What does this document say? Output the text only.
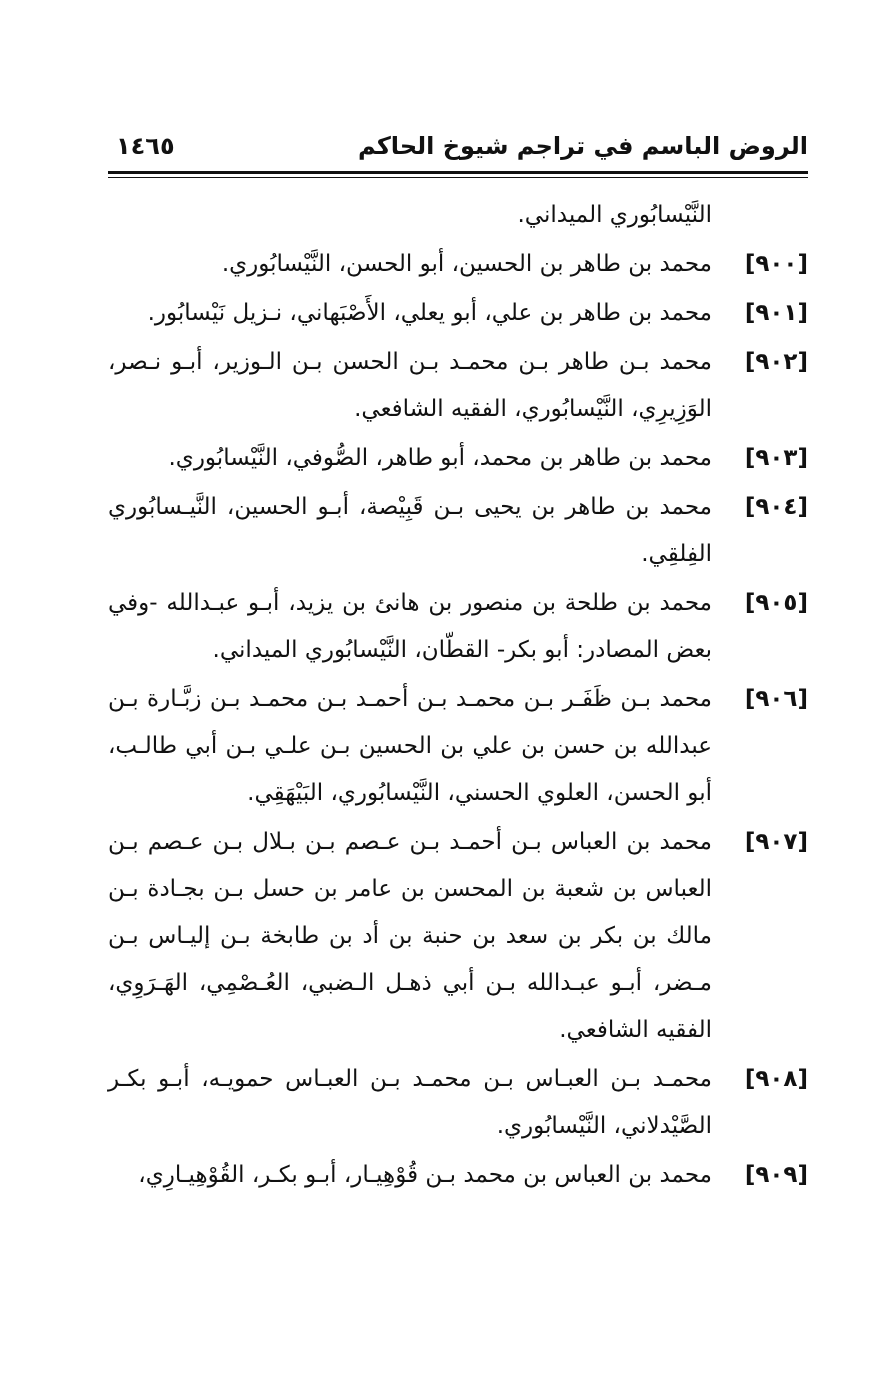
الروض الباسم في تراجم شيوخ الحاكم
١٤٦٥
النَّيْسابُوري الميداني.
[٩٠٠]
محمد بن طاهر بن الحسين، أبو الحسن، النَّيْسابُوري.
[٩٠١]
محمد بن طاهر بن علي، أبو يعلي، الأَصْبَهاني، نـزيل نَيْسابُور.
[٩٠٢]
محمد بـن طاهر بـن محمـد بـن الحسن بـن الـوزير، أبـو نـصر، الوَزِيرِي، النَّيْسابُوري، الفقيه الشافعي.
[٩٠٣]
محمد بن طاهر بن محمد، أبو طاهر، الصُّوفي، النَّيْسابُوري.
[٩٠٤]
محمد بن طاهر بن يحيى بـن قَبِيْصة، أبـو الحسين، النَّيـسابُوري الفِلقِي.
[٩٠٥]
محمد بن طلحة بن منصور بن هانئ بن يزيد، أبـو عبـدالله -وفي بعض المصادر: أبو بكر- القطّان، النَّيْسابُوري الميداني.
[٩٠٦]
محمد بـن ظَفَـر بـن محمـد بـن أحمـد بـن محمـد بـن زبَّـارة بـن عبدالله بن حسن بن علي بن الحسين بـن علـي بـن أبي طالـب، أبو الحسن، العلوي الحسني، النَّيْسابُوري، البَيْهَقِي.
[٩٠٧]
محمد بن العباس بـن أحمـد بـن عـصم بـن بـلال بـن عـصم بـن العباس بن شعبة بن المحسن بن عامر بن حسل بـن بجـادة بـن مالك بن بكر بن سعد بن حنبة بن أد بن طابخة بـن إليـاس بـن مـضر، أبـو عبـدالله بـن أبي ذهـل الـضبي، العُـصْمِي، الهَـرَوِي، الفقيه الشافعي.
[٩٠٨]
محمـد بـن العبـاس بـن محمـد بـن العبـاس حمويـه، أبـو بكـر الصَّيْدلاني، النَّيْسابُوري.
[٩٠٩]
محمد بن العباس بن محمد بـن قُوْهِيـار، أبـو بكـر، القُوْهِيـارِي،
